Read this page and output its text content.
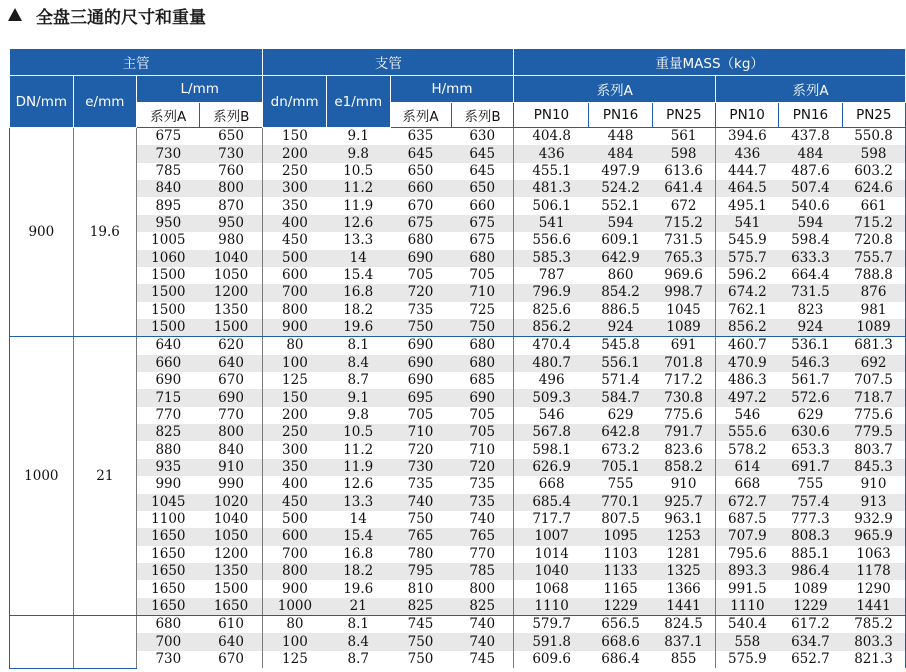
全盘三通的尺寸和重量
主管				支管				重量MASS（kg）					
DN/mm	e/mm	L/mm		dn/mm	e1/mm	H/mm		系列A			系列A		
		系列A	系列B			系列A	系列B	PN10	PN16	PN25	PN10	PN16	PN25
900	19.6	675	650	150	9.1	635	630	404.8	448	561	394.6	437.8	550.8
		730	730	200	9.8	645	645	436	484	598	436	484	598
		785	760	250	10.5	650	645	455.1	497.9	613.6	444.7	487.6	603.2
		840	800	300	11.2	660	650	481.3	524.2	641.4	464.5	507.4	624.6
		895	870	350	11.9	670	660	506.1	552.1	672	495.1	540.6	661
		950	950	400	12.6	675	675	541	594	715.2	541	594	715.2
		1005	980	450	13.3	680	675	556.6	609.1	731.5	545.9	598.4	720.8
		1060	1040	500	14	690	680	585.3	642.9	765.3	575.7	633.3	755.7
		1500	1050	600	15.4	705	705	787	860	969.6	596.2	664.4	788.8
		1500	1200	700	16.8	720	710	796.9	854.2	998.7	674.2	731.5	876
		1500	1350	800	18.2	735	725	825.6	886.5	1045	762.1	823	981
		1500	1500	900	19.6	750	750	856.2	924	1089	856.2	924	1089
1000	21	640	620	80	8.1	690	680	470.4	545.8	691	460.7	536.1	681.3
		660	640	100	8.4	690	680	480.7	556.1	701.8	470.9	546.3	692
		690	670	125	8.7	690	685	496	571.4	717.2	486.3	561.7	707.5
		715	690	150	9.1	695	690	509.3	584.7	730.8	497.2	572.6	718.7
		770	770	200	9.8	705	705	546	629	775.6	546	629	775.6
		825	800	250	10.5	710	705	567.8	642.8	791.7	555.6	630.6	779.5
		880	840	300	11.2	720	710	598.1	673.2	823.6	578.2	653.3	803.7
		935	910	350	11.9	730	720	626.9	705.1	858.2	614	691.7	845.3
		990	990	400	12.6	735	735	668	755	910	668	755	910
		1045	1020	450	13.3	740	735	685.4	770.1	925.7	672.7	757.4	913
		1100	1040	500	14	750	740	717.7	807.5	963.1	687.5	777.3	932.9
		1650	1050	600	15.4	765	765	1007	1095	1253	707.9	808.3	965.9
		1650	1200	700	16.8	780	770	1014	1103	1281	795.6	885.1	1063
		1650	1350	800	18.2	795	785	1040	1133	1325	893.3	986.4	1178
		1650	1500	900	19.6	810	800	1068	1165	1366	991.5	1089	1290
		1650	1650	1000	21	825	825	1110	1229	1441	1110	1229	1441
		680	610	80	8.1	745	740	579.7	656.5	824.5	540.4	617.2	785.2
		700	640	100	8.4	750	740	591.8	668.6	837.1	558	634.7	803.3
		730	670	125	8.7	750	745	609.6	686.4	855	575.9	652.7	821.3
